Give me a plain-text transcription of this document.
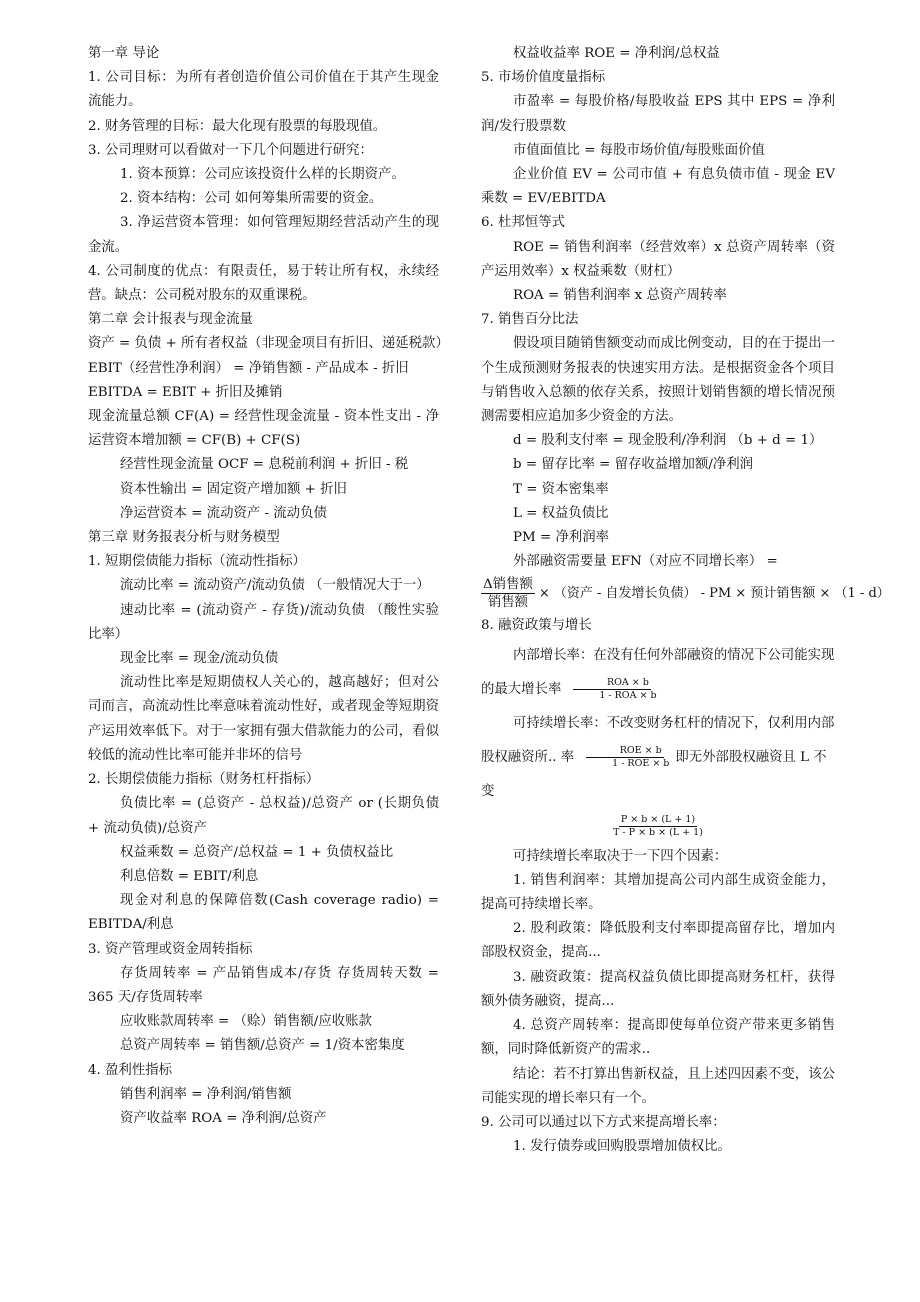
第一章 导论
1. 公司目标：为所有者创造价值公司价值在于其产生现金流能力。
2. 财务管理的目标：最大化现有股票的每股现值。
3. 公司理财可以看做对一下几个问题进行研究：
1. 资本预算：公司应该投资什么样的长期资产。
2. 资本结构：公司 如何筹集所需要的资金。
3. 净运营资本管理：如何管理短期经营活动产生的现金流。
4. 公司制度的优点：有限责任，易于转让所有权，永续经营。缺点：公司税对股东的双重课税。
第二章 会计报表与现金流量
资产 = 负债 + 所有者权益（非现金项目有折旧、递延税款）
EBIT（经营性净利润） = 净销售额 - 产品成本 - 折旧
EBITDA = EBIT + 折旧及摊销
现金流量总额 CF(A) = 经营性现金流量 - 资本性支出 - 净运营资本增加额 = CF(B) + CF(S)
经营性现金流量 OCF = 息税前利润 + 折旧 - 税
资本性输出 = 固定资产增加额 + 折旧
净运营资本 = 流动资产 - 流动负债
第三章 财务报表分析与财务模型
1. 短期偿债能力指标（流动性指标）
流动比率 = 流动资产/流动负债 （一般情况大于一）
速动比率 = (流动资产 - 存货)/流动负债 （酸性实验比率）
现金比率 = 现金/流动负债
流动性比率是短期债权人关心的，越高越好；但对公司而言，高流动性比率意味着流动性好，或者现金等短期资产运用效率低下。对于一家拥有强大借款能力的公司，看似较低的流动性比率可能并非坏的信号
2. 长期偿债能力指标（财务杠杆指标）
负债比率 = (总资产 - 总权益)/总资产 or (长期负债 + 流动负债)/总资产
权益乘数 = 总资产/总权益 = 1 + 负债权益比
利息倍数 = EBIT/利息
现金对利息的保障倍数(Cash coverage radio) = EBITDA/利息
3. 资产管理或资金周转指标
存货周转率 = 产品销售成本/存货 存货周转天数 = 365 天/存货周转率
应收账款周转率 = （赊）销售额/应收账款
总资产周转率 = 销售额/总资产 = 1/资本密集度
4. 盈利性指标
销售利润率 = 净利润/销售额
资产收益率 ROA = 净利润/总资产
权益收益率 ROE = 净利润/总权益
5. 市场价值度量指标
市盈率 = 每股价格/每股收益 EPS 其中 EPS = 净利润/发行股票数
市值面值比 = 每股市场价值/每股账面价值
企业价值 EV = 公司市值 + 有息负债市值 - 现金 EV 乘数 = EV/EBITDA
6. 杜邦恒等式
ROE = 销售利润率（经营效率）x 总资产周转率（资产运用效率）x 权益乘数（财杠）
ROA = 销售利润率 x 总资产周转率
7. 销售百分比法
假设项目随销售额变动而成比例变动，目的在于提出一个生成预测财务报表的快速实用方法。是根据资金各个项目与销售收入总额的依存关系，按照计划销售额的增长情况预测需要相应追加多少资金的方法。
d = 股利支付率 = 现金股利/净利润 （b + d = 1）
b = 留存比率 = 留存收益增加额/净利润
T = 资本密集率
L = 权益负债比
PM = 净利润率
外部融资需要量 EFN（对应不同增长率） =
$\frac{\text{Δ销售额}}{\text{销售额}}$ × （资产 - 自发增长负债） - PM × 预计销售额 × （1 - d）
8. 融资政策与增长
内部增长率：在没有任何外部融资的情况下公司能实现的最大增长率 $\frac{\text{ROA × b}}{\text{1 - ROA × b}}$
可持续增长率：不改变财务杠杆的情况下，仅利用内部股权融资所.. 率 $\frac{\text{ROE × b}}{\text{1 - ROE × b}}$ 即无外部股权融资且 L 不变
$\frac{P \times b \times (L + 1)}{T - P \times b \times (L + 1)}$
可持续增长率取决于一下四个因素：
1. 销售利润率：其增加提高公司内部生成资金能力，提高可持续增长率。
2. 股利政策：降低股利支付率即提高留存比，增加内部股权资金，提高...
3. 融资政策：提高权益负债比即提高财务杠杆，获得额外债务融资，提高...
4. 总资产周转率：提高即使每单位资产带来更多销售额，同时降低新资产的需求..
结论：若不打算出售新权益，且上述四因素不变，该公司能实现的增长率只有一个。
9. 公司可以通过以下方式来提高增长率：
1. 发行债券或回购股票增加债权比。
